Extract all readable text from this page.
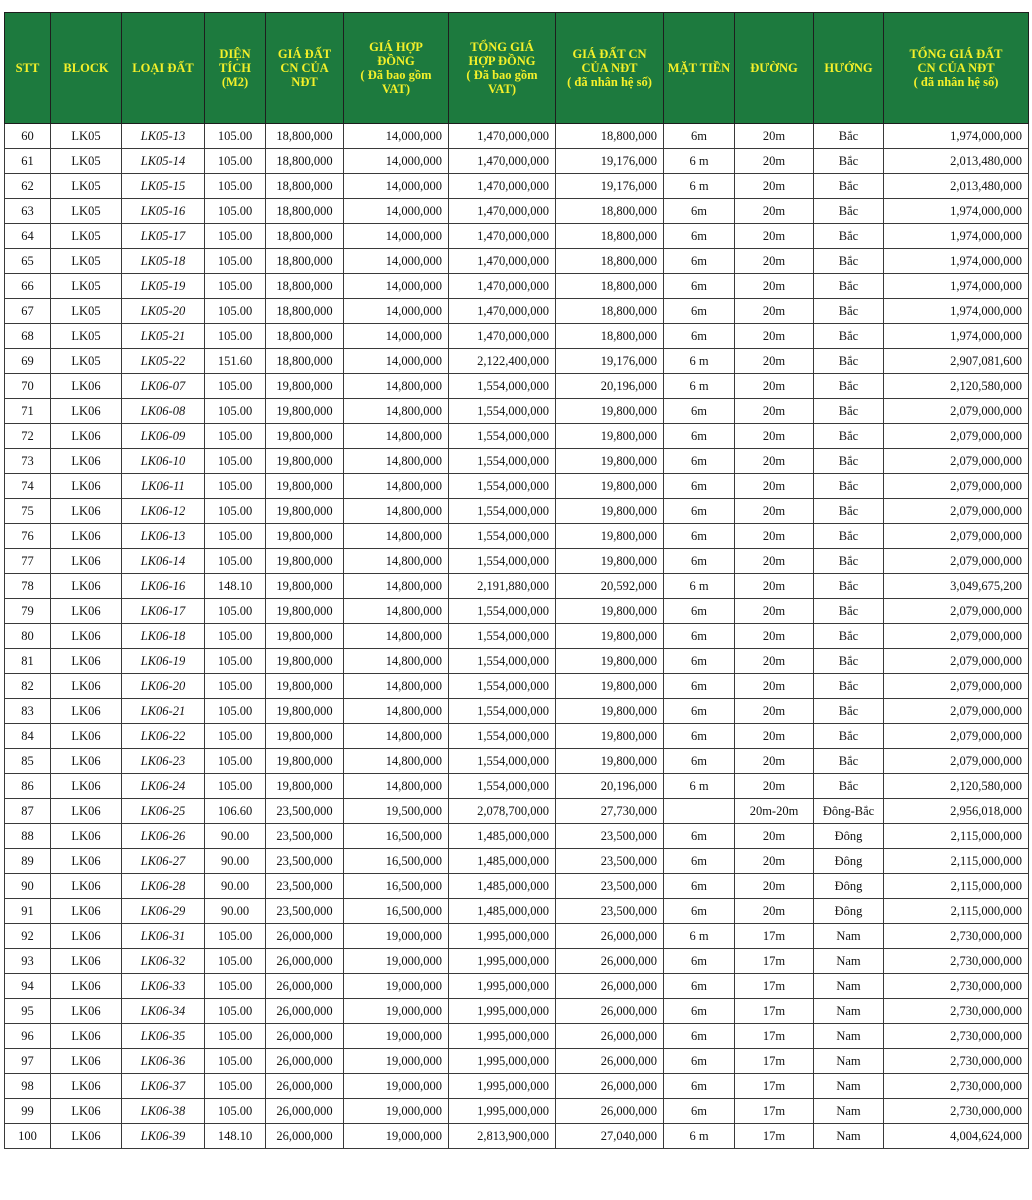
STT	BLOCK	LOẠI ĐẤT	DIỆN
TÍCH
(M2)	GIÁ ĐẤT
CN CỦA
NĐT	GIÁ HỢP
ĐỒNG
( Đã bao gồm
VAT)	TỔNG GIÁ
HỢP ĐỒNG
( Đã bao gồm
VAT)	GIÁ ĐẤT CN
CỦA NĐT
( đã nhân hệ số)	MẶT TIỀN	ĐƯỜNG	HƯỚNG	TỔNG GIÁ ĐẤT
CN CỦA NĐT
( đã nhân hệ số)
60	LK05	LK05-13	105.00	18,800,000	14,000,000	1,470,000,000	18,800,000	6m	20m	Bắc	1,974,000,000
61	LK05	LK05-14	105.00	18,800,000	14,000,000	1,470,000,000	19,176,000	6 m	20m	Bắc	2,013,480,000
62	LK05	LK05-15	105.00	18,800,000	14,000,000	1,470,000,000	19,176,000	6 m	20m	Bắc	2,013,480,000
63	LK05	LK05-16	105.00	18,800,000	14,000,000	1,470,000,000	18,800,000	6m	20m	Bắc	1,974,000,000
64	LK05	LK05-17	105.00	18,800,000	14,000,000	1,470,000,000	18,800,000	6m	20m	Bắc	1,974,000,000
65	LK05	LK05-18	105.00	18,800,000	14,000,000	1,470,000,000	18,800,000	6m	20m	Bắc	1,974,000,000
66	LK05	LK05-19	105.00	18,800,000	14,000,000	1,470,000,000	18,800,000	6m	20m	Bắc	1,974,000,000
67	LK05	LK05-20	105.00	18,800,000	14,000,000	1,470,000,000	18,800,000	6m	20m	Bắc	1,974,000,000
68	LK05	LK05-21	105.00	18,800,000	14,000,000	1,470,000,000	18,800,000	6m	20m	Bắc	1,974,000,000
69	LK05	LK05-22	151.60	18,800,000	14,000,000	2,122,400,000	19,176,000	6 m	20m	Bắc	2,907,081,600
70	LK06	LK06-07	105.00	19,800,000	14,800,000	1,554,000,000	20,196,000	6 m	20m	Bắc	2,120,580,000
71	LK06	LK06-08	105.00	19,800,000	14,800,000	1,554,000,000	19,800,000	6m	20m	Bắc	2,079,000,000
72	LK06	LK06-09	105.00	19,800,000	14,800,000	1,554,000,000	19,800,000	6m	20m	Bắc	2,079,000,000
73	LK06	LK06-10	105.00	19,800,000	14,800,000	1,554,000,000	19,800,000	6m	20m	Bắc	2,079,000,000
74	LK06	LK06-11	105.00	19,800,000	14,800,000	1,554,000,000	19,800,000	6m	20m	Bắc	2,079,000,000
75	LK06	LK06-12	105.00	19,800,000	14,800,000	1,554,000,000	19,800,000	6m	20m	Bắc	2,079,000,000
76	LK06	LK06-13	105.00	19,800,000	14,800,000	1,554,000,000	19,800,000	6m	20m	Bắc	2,079,000,000
77	LK06	LK06-14	105.00	19,800,000	14,800,000	1,554,000,000	19,800,000	6m	20m	Bắc	2,079,000,000
78	LK06	LK06-16	148.10	19,800,000	14,800,000	2,191,880,000	20,592,000	6 m	20m	Bắc	3,049,675,200
79	LK06	LK06-17	105.00	19,800,000	14,800,000	1,554,000,000	19,800,000	6m	20m	Bắc	2,079,000,000
80	LK06	LK06-18	105.00	19,800,000	14,800,000	1,554,000,000	19,800,000	6m	20m	Bắc	2,079,000,000
81	LK06	LK06-19	105.00	19,800,000	14,800,000	1,554,000,000	19,800,000	6m	20m	Bắc	2,079,000,000
82	LK06	LK06-20	105.00	19,800,000	14,800,000	1,554,000,000	19,800,000	6m	20m	Bắc	2,079,000,000
83	LK06	LK06-21	105.00	19,800,000	14,800,000	1,554,000,000	19,800,000	6m	20m	Bắc	2,079,000,000
84	LK06	LK06-22	105.00	19,800,000	14,800,000	1,554,000,000	19,800,000	6m	20m	Bắc	2,079,000,000
85	LK06	LK06-23	105.00	19,800,000	14,800,000	1,554,000,000	19,800,000	6m	20m	Bắc	2,079,000,000
86	LK06	LK06-24	105.00	19,800,000	14,800,000	1,554,000,000	20,196,000	6 m	20m	Bắc	2,120,580,000
87	LK06	LK06-25	106.60	23,500,000	19,500,000	2,078,700,000	27,730,000		20m-20m	Đông-Bắc	2,956,018,000
88	LK06	LK06-26	90.00	23,500,000	16,500,000	1,485,000,000	23,500,000	6m	20m	Đông	2,115,000,000
89	LK06	LK06-27	90.00	23,500,000	16,500,000	1,485,000,000	23,500,000	6m	20m	Đông	2,115,000,000
90	LK06	LK06-28	90.00	23,500,000	16,500,000	1,485,000,000	23,500,000	6m	20m	Đông	2,115,000,000
91	LK06	LK06-29	90.00	23,500,000	16,500,000	1,485,000,000	23,500,000	6m	20m	Đông	2,115,000,000
92	LK06	LK06-31	105.00	26,000,000	19,000,000	1,995,000,000	26,000,000	6 m	17m	Nam	2,730,000,000
93	LK06	LK06-32	105.00	26,000,000	19,000,000	1,995,000,000	26,000,000	6m	17m	Nam	2,730,000,000
94	LK06	LK06-33	105.00	26,000,000	19,000,000	1,995,000,000	26,000,000	6m	17m	Nam	2,730,000,000
95	LK06	LK06-34	105.00	26,000,000	19,000,000	1,995,000,000	26,000,000	6m	17m	Nam	2,730,000,000
96	LK06	LK06-35	105.00	26,000,000	19,000,000	1,995,000,000	26,000,000	6m	17m	Nam	2,730,000,000
97	LK06	LK06-36	105.00	26,000,000	19,000,000	1,995,000,000	26,000,000	6m	17m	Nam	2,730,000,000
98	LK06	LK06-37	105.00	26,000,000	19,000,000	1,995,000,000	26,000,000	6m	17m	Nam	2,730,000,000
99	LK06	LK06-38	105.00	26,000,000	19,000,000	1,995,000,000	26,000,000	6m	17m	Nam	2,730,000,000
100	LK06	LK06-39	148.10	26,000,000	19,000,000	2,813,900,000	27,040,000	6 m	17m	Nam	4,004,624,000
